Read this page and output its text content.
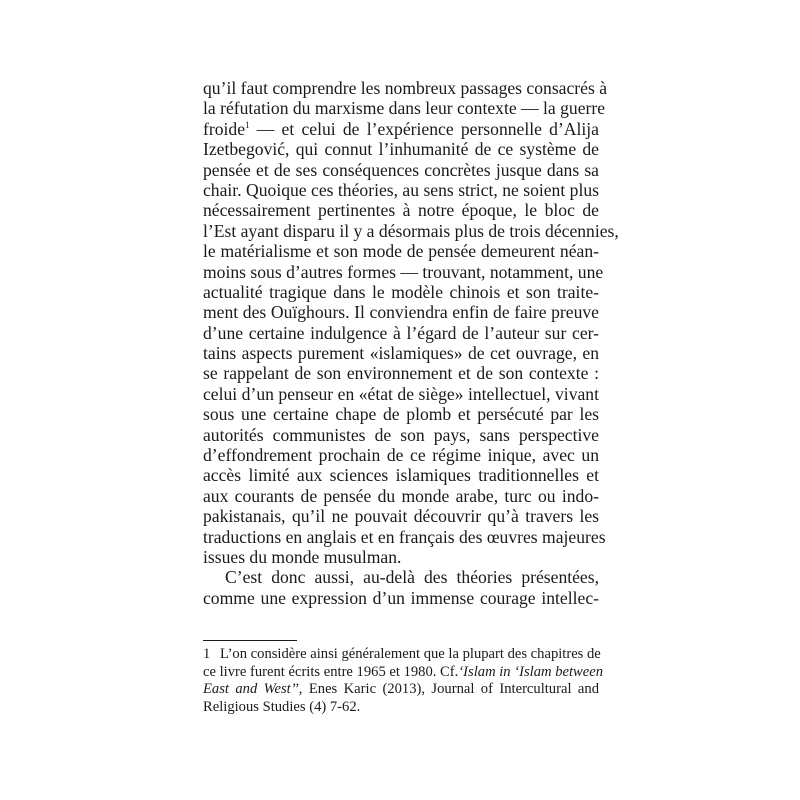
qu’il faut comprendre les nombreux passages consacrés à
la réfutation du marxisme dans leur contexte — la guerre
froide$^1$ — et celui de l’expérience personnelle d’Alija
Izetbegović, qui connut l’inhumanité de ce système de
pensée et de ses conséquences concrètes jusque dans sa
chair. Quoique ces théories, au sens strict, ne soient plus
nécessairement pertinentes à notre époque, le bloc de
l’Est ayant disparu il y a désormais plus de trois décennies,
le matérialisme et son mode de pensée demeurent néan-
moins sous d’autres formes — trouvant, notamment, une
actualité tragique dans le modèle chinois et son traite-
ment des Ouïghours. Il conviendra enfin de faire preuve
d’une certaine indulgence à l’égard de l’auteur sur cer-
tains aspects purement «islamiques» de cet ouvrage, en
se rappelant de son environnement et de son contexte :
celui d’un penseur en «état de siège» intellectuel, vivant
sous une certaine chape de plomb et persécuté par les
autorités communistes de son pays, sans perspective
d’effondrement prochain de ce régime inique, avec un
accès limité aux sciences islamiques traditionnelles et
aux courants de pensée du monde arabe, turc ou indo-
pakistanais, qu’il ne pouvait découvrir qu’à travers les
traductions en anglais et en français des œuvres majeures
issues du monde musulman.
C’est donc aussi, au-delà des théories présentées,
comme une expression d’un immense courage intellec-
1 L’on considère ainsi généralement que la plupart des chapitres de
ce livre furent écrits entre 1965 et 1980. Cf.‘Islam in ‘Islam between
East and West’’, Enes Karic (2013), Journal of Intercultural and
Religious Studies (4) 7-62.
